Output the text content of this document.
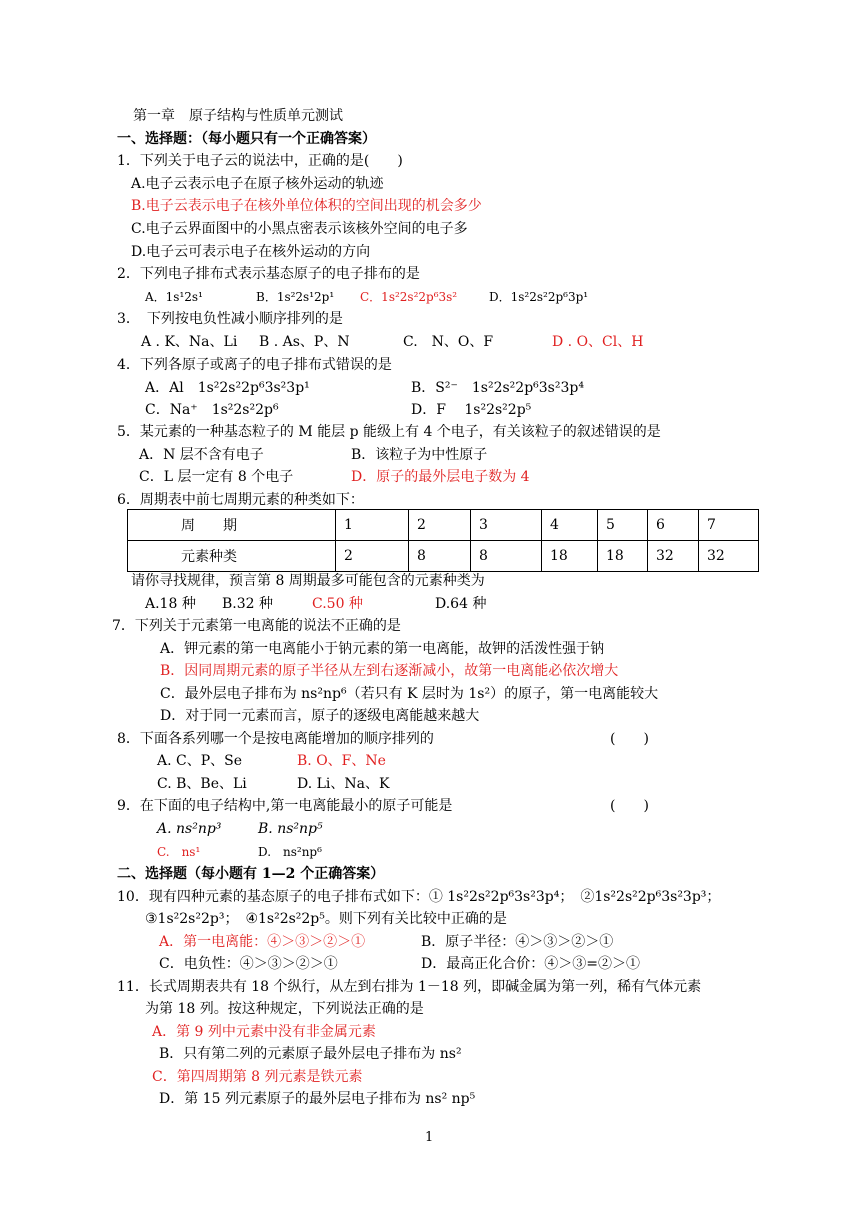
第一章　原子结构与性质单元测试
一、选择题：（每小题只有一个正确答案）
1．下列关于电子云的说法中，正确的是(　　)
A.电子云表示电子在原子核外运动的轨迹
B.电子云表示电子在核外单位体积的空间出现的机会多少
C.电子云界面图中的小黑点密表示该核外空间的电子多
D.电子云可表示电子在核外运动的方向
2．下列电子排布式表示基态原子的电子排布的是
A．1s¹2s¹	B．1s²2s¹2p¹ C．1s²2s²2p⁶3s²	D．1s²2s²2p⁶3p¹
3．　下列按电负性减小顺序排列的是
A . K、Na、Li B . As、P、N	C.　N、O、F	D . O、Cl、H
4．下列各原子或离子的电子排布式错误的是
A．Al　1s²2s²2p⁶3s²3p¹	B．S²⁻　1s²2s²2p⁶3s²3p⁴
C．Na⁺　1s²2s²2p⁶	D．F　 1s²2s²2p⁵
5．某元素的一种基态粒子的 M 能层 p 能级上有 4 个电子，有关该粒子的叙述错误的是
A．N 层不含有电子	B．该粒子为中性原子
C．L 层一定有 8 个电子	D．原子的最外层电子数为 4
6．周期表中前七周期元素的种类如下：
周　　期	1	2	3	4	5	6	7
元素种类	2	8	8	18	18	32	32
请你寻找规律，预言第 8 周期最多可能包含的元素种类为
A.18 种 B.32 种	C.50 种	D.64 种
7．下列关于元素第一电离能的说法不正确的是
A．钾元素的第一电离能小于钠元素的第一电离能，故钾的活泼性强于钠
B．因同周期元素的原子半径从左到右逐渐减小，故第一电离能必依次增大
C．最外层电子排布为 ns²np⁶（若只有 K 层时为 1s²）的原子，第一电离能较大
D．对于同一元素而言，原子的逐级电离能越来越大
8．下面各系列哪一个是按电离能增加的顺序排列的	(　　)
A. C、P、Se	B. O、F、Ne
C. B、Be、Li	D. Li、Na、K
9．在下面的电子结构中,第一电离能最小的原子可能是	(　　)
A. ns²np³	B. ns²np⁵
C.　ns¹	D.　ns²np⁶
二、选择题（每小题有 1—2 个正确答案）
10．现有四种元素的基态原子的电子排布式如下：① 1s²2s²2p⁶3s²3p⁴；　②1s²2s²2p⁶3s²3p³；
③1s²2s²2p³；　④1s²2s²2p⁵。则下列有关比较中正确的是
A．第一电离能：④＞③＞②＞①	B．原子半径：④＞③＞②＞①
C．电负性：④＞③＞②＞①	D．最高正化合价：④＞③=②＞①
11．长式周期表共有 18 个纵行，从左到右排为 1－18 列，即碱金属为第一列，稀有气体元素
为第 18 列。按这种规定，下列说法正确的是
A．第 9 列中元素中没有非金属元素
B．只有第二列的元素原子最外层电子排布为 ns²
C．第四周期第 8 列元素是铁元素
D．第 15 列元素原子的最外层电子排布为 ns² np⁵
1
